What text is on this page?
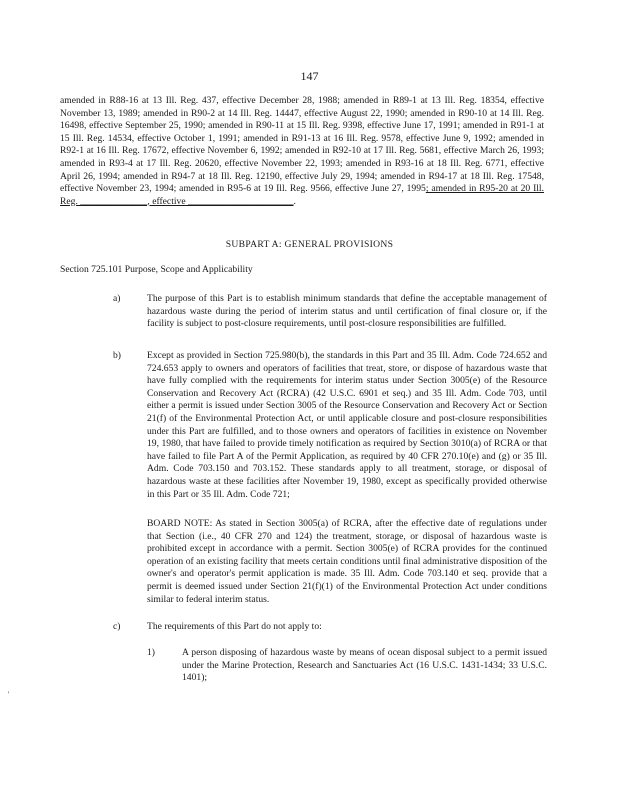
147

amended in R88-16 at 13 Ill. Reg. 437, effective December 28, 1988; amended in R89-1 at 13 Ill. Reg. 18354, effective November 13, 1989; amended in R90-2 at 14 Ill. Reg. 14447, effective August 22, 1990; amended in R90-10 at 14 Ill. Reg. 16498, effective September 25, 1990; amended in R90-11 at 15 Ill. Reg. 9398, effective June 17, 1991; amended in R91-1 at 15 Ill. Reg. 14534, effective October 1, 1991; amended in R91-13 at 16 Ill. Reg. 9578, effective June 9, 1992; amended in R92-1 at 16 Ill. Reg. 17672, effective November 6, 1992; amended in R92-10 at 17 Ill. Reg. 5681, effective March 26, 1993; amended in R93-4 at 17 Ill. Reg. 20620, effective November 22, 1993; amended in R93-16 at 18 Ill. Reg. 6771, effective April 26, 1994; amended in R94-7 at 18 Ill. Reg. 12190, effective July 29, 1994; amended in R94-17 at 18 Ill. Reg. 17548, effective November 23, 1994; amended in R95-6 at 19 Ill. Reg. 9566, effective June 27, 1995; amended in R95-20 at 20 Ill. Reg. ______________, effective ______________________.

SUBPART A: GENERAL PROVISIONS
Section 725.101 Purpose, Scope and Applicability
a)	The purpose of this Part is to establish minimum standards that define the acceptable management of hazardous waste during the period of interim status and until certification of final closure or, if the facility is subject to post-closure requirements, until post-closure responsibilities are fulfilled.

b)	Except as provided in Section 725.980(b), the standards in this Part and 35 Ill. Adm. Code 724.652 and 724.653 apply to owners and operators of facilities that treat, store, or dispose of hazardous waste that have fully complied with the requirements for interim status under Section 3005(e) of the Resource Conservation and Recovery Act (RCRA) (42 U.S.C. 6901 et seq.) and 35 Ill. Adm. Code 703, until either a permit is issued under Section 3005 of the Resource Conservation and Recovery Act or Section 21(f) of the Environmental Protection Act, or until applicable closure and post-closure responsibilities under this Part are fulfilled, and to those owners and operators of facilities in existence on November 19, 1980, that have failed to provide timely notification as required by Section 3010(a) of RCRA or that have failed to file Part A of the Permit Application, as required by 40 CFR 270.10(e) and (g) or 35 Ill. Adm. Code 703.150 and 703.152. These standards apply to all treatment, storage, or disposal of hazardous waste at these facilities after November 19, 1980, except as specifically provided otherwise in this Part or 35 Ill. Adm. Code 721;

BOARD NOTE: As stated in Section 3005(a) of RCRA, after the effective date of regulations under that Section (i.e., 40 CFR 270 and 124) the treatment, storage, or disposal of hazardous waste is prohibited except in accordance with a permit. Section 3005(e) of RCRA provides for the continued operation of an existing facility that meets certain conditions until final administrative disposition of the owner's and operator's permit application is made. 35 Ill. Adm. Code 703.140 et seq. provide that a permit is deemed issued under Section 21(f)(1) of the Environmental Protection Act under conditions similar to federal interim status.

c)	The requirements of this Part do not apply to:

1)	A person disposing of hazardous waste by means of ocean disposal subject to a permit issued under the Marine Protection, Research and Sanctuaries Act (16 U.S.C. 1431-1434; 33 U.S.C. 1401);

'
